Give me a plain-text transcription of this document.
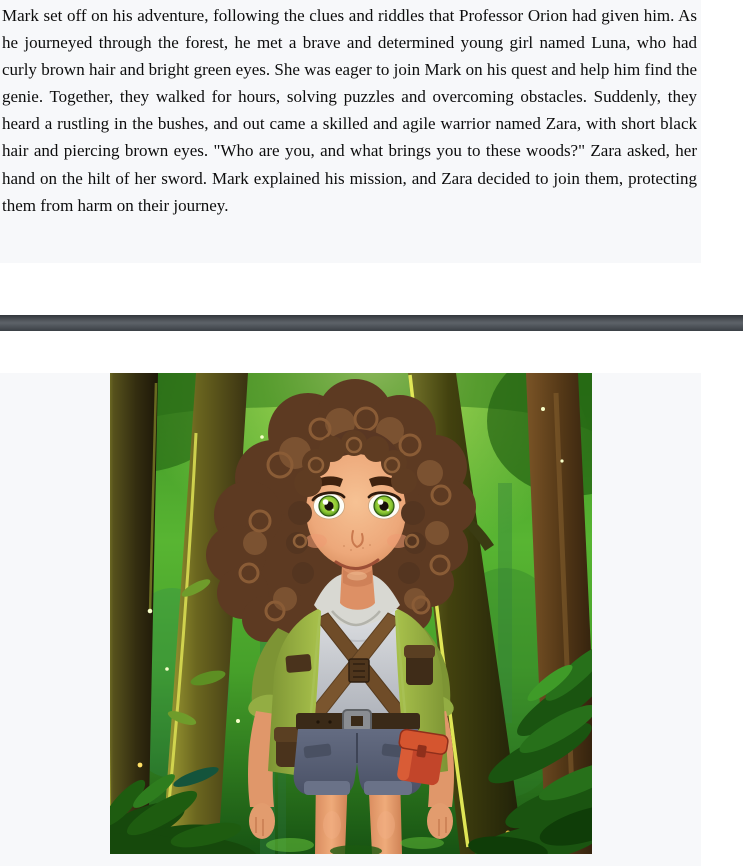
Mark set off on his adventure, following the clues and riddles that Professor Orion had given him. As he journeyed through the forest, he met a brave and determined young girl named Luna, who had curly brown hair and bright green eyes. She was eager to join Mark on his quest and help him find the genie. Together, they walked for hours, solving puzzles and overcoming obstacles. Suddenly, they heard a rustling in the bushes, and out came a skilled and agile warrior named Zara, with short black hair and piercing brown eyes. "Who are you, and what brings you to these woods?" Zara asked, her hand on the hilt of her sword. Mark explained his mission, and Zara decided to join them, protecting them from harm on their journey.
